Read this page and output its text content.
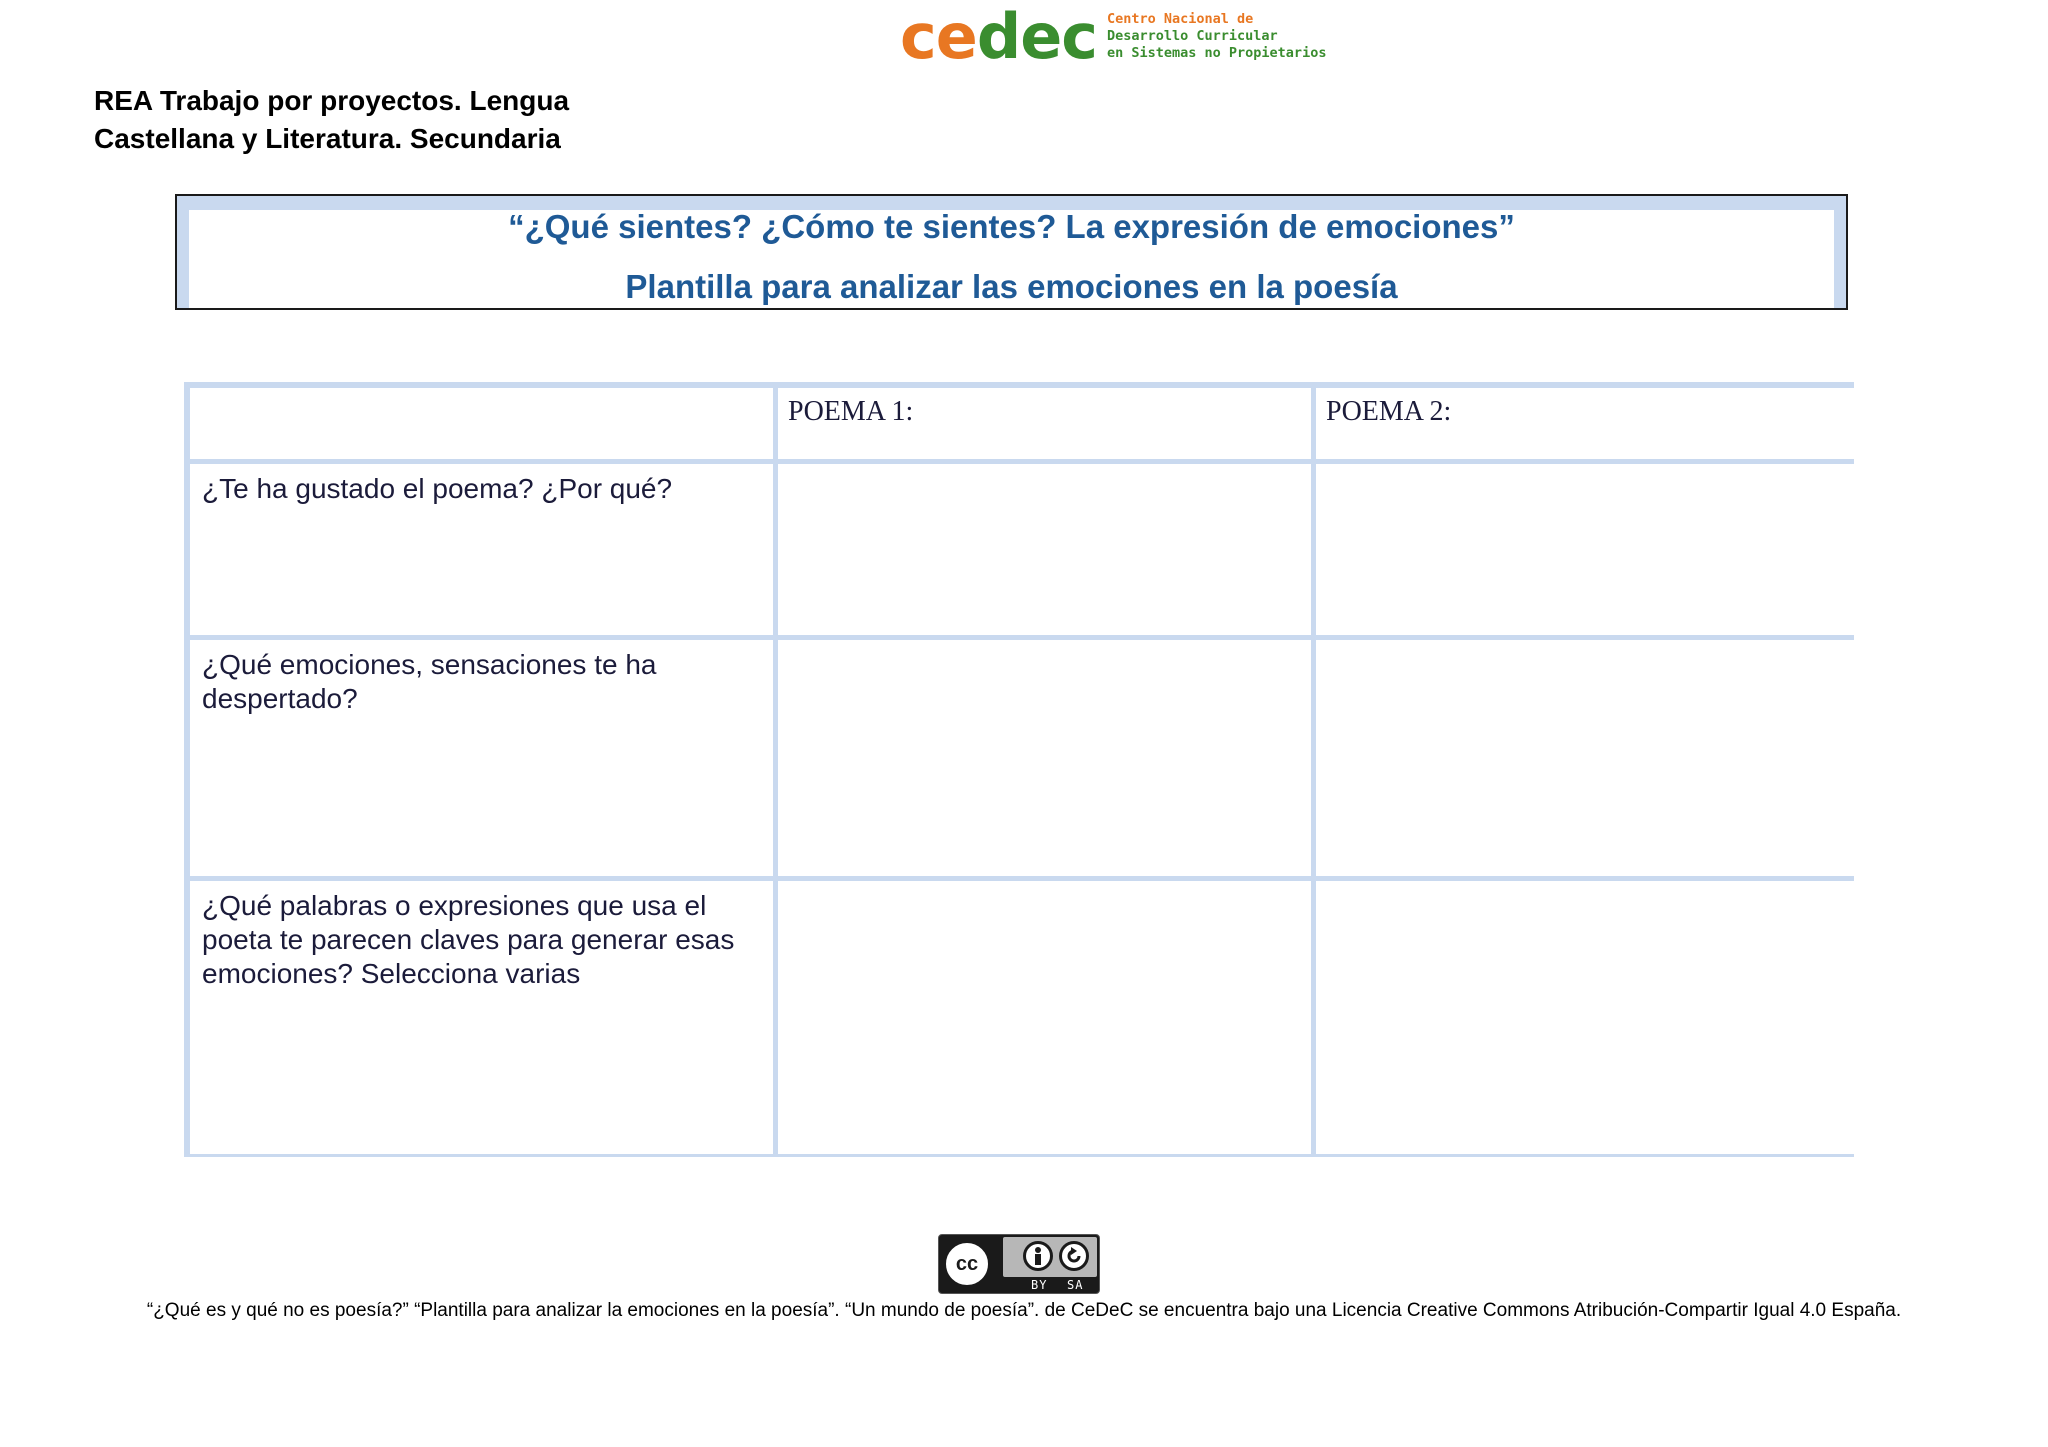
cedec Centro Nacional de
Desarrollo Curricular
en Sistemas no Propietarios
REA Trabajo por proyectos. Lengua
Castellana y Literatura. Secundaria
“¿Qué sientes? ¿Cómo te sientes? La expresión de emociones”
Plantilla para analizar las emociones en la poesía
POEMA 1:	POEMA 2:
¿Te ha gustado el poema? ¿Por qué?
¿Qué emociones, sensaciones te ha despertado?
¿Qué palabras o expresiones que usa el poeta te parecen claves para generar esas emociones? Selecciona varias
cc
BY SA
“¿Qué es y qué no es poesía?” “Plantilla para analizar la emociones en la poesía”. “Un mundo de poesía”. de CeDeC se encuentra bajo una Licencia Creative Commons Atribución-Compartir Igual 4.0 España.
